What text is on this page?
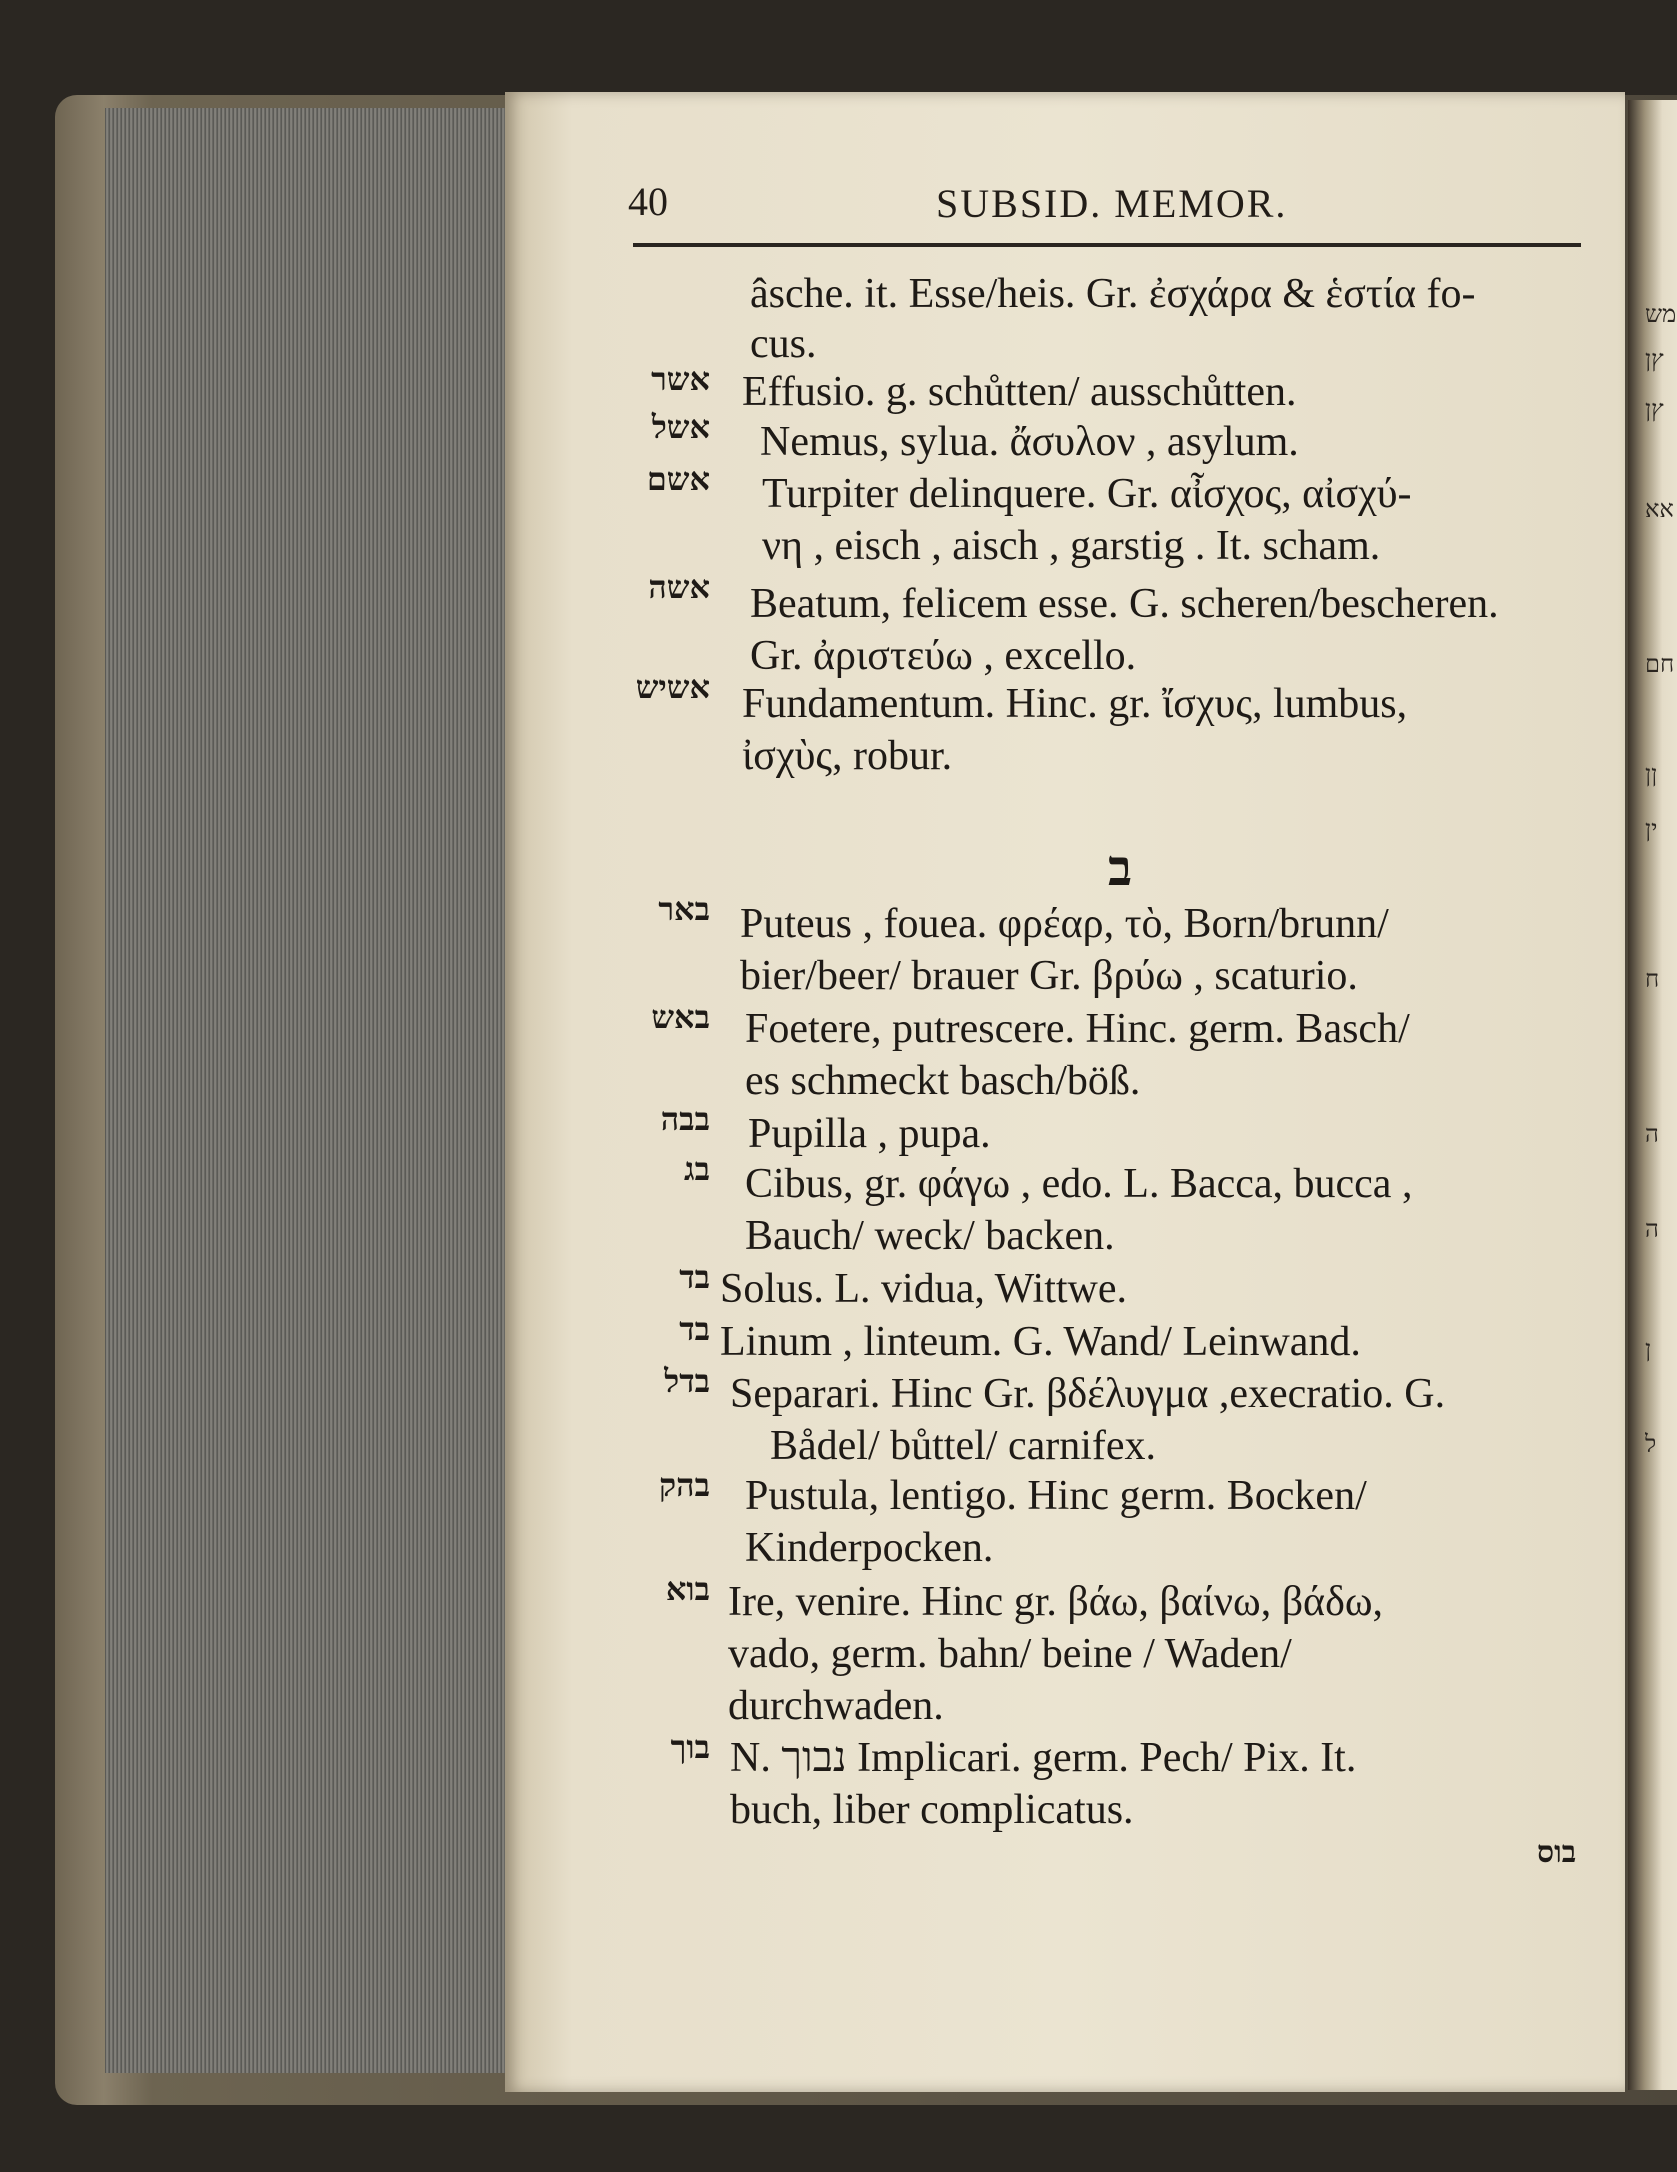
מש
ץן
ץן
אא
חם
ןן
ין
ח
ה
ה
ן
ל
40	SUBSID. MEMOR.
âsche. it. Esse/heis. Gr. ἐσχάρα & ἑστία fo-
cus.
ב
אשר Effusio. g. schůtten/ ausschůtten.
אשל Nemus, sylua. ἄσυλον , asylum.
אשם Turpiter delinquere. Gr. αἶσχος, αἰσχύ-
νη , eisch , aisch , garstig . It. scham.
אשה Beatum, felicem esse. G. scheren/bescheren.
Gr. ἀριστεύω , excello.
אשיש Fundamentum. Hinc. gr. ἴσχυς, lumbus,
ἰσχὺς, robur.
באר Puteus , fouea. φρέαρ, τὸ, Born/brunn/
bier/beer/ brauer Gr. βρύω , scaturio.
באש Foetere, putrescere. Hinc. germ. Basch/
es schmeckt basch/böß.
בבה Pupilla , pupa.
בג Cibus, gr. φάγω , edo. L. Bacca, bucca ,
Bauch/ weck/ backen.
בד Solus. L. vidua, Wittwe.
בד Linum , linteum. G. Wand/ Leinwand.
בדל Separari. Hinc Gr. βδέλυγμα ,execratio. G.
Bådel/ bůttel/ carnifex.
בהק Pustula, lentigo. Hinc germ. Bocken/
Kinderpocken.
בוא Ire, venire. Hinc gr. βάω, βαίνω, βάδω,
vado, germ. bahn/ beine / Waden/
durchwaden.
בוך N. נבוך Implicari. germ. Pech/ Pix. It.
buch, liber complicatus.
בוס
